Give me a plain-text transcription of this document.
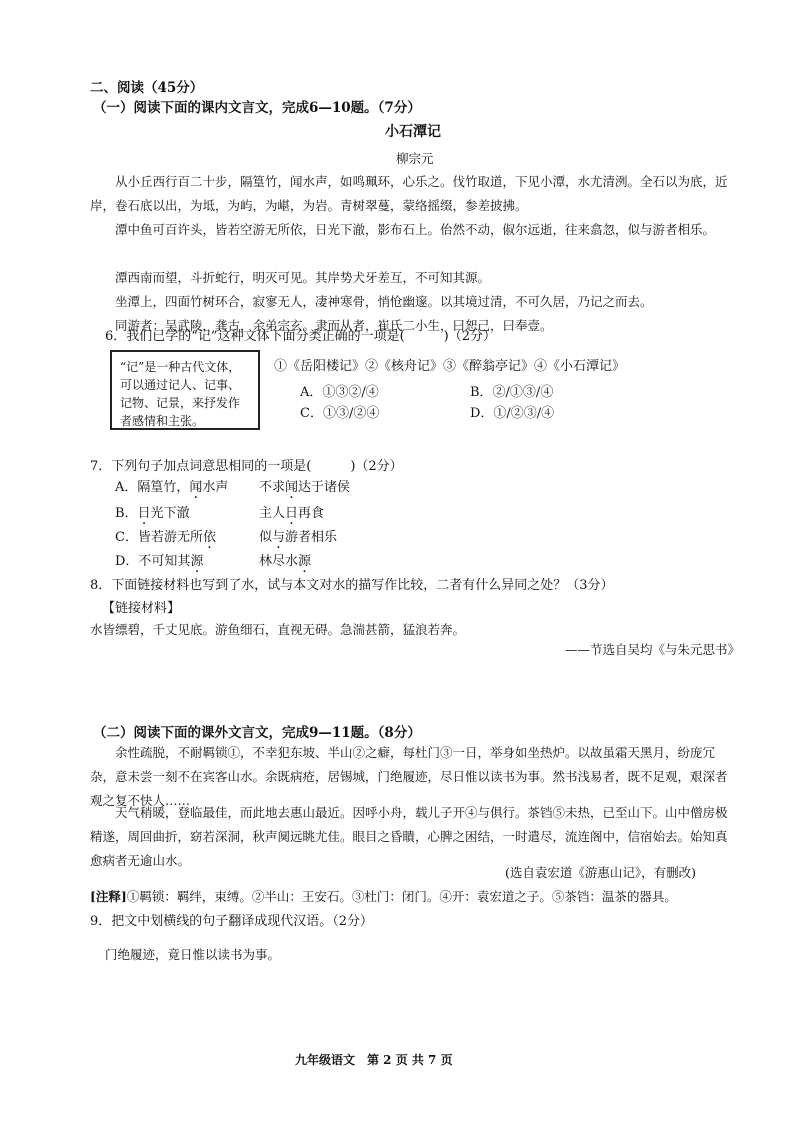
二、阅读（45分）
（一）阅读下面的课内文言文，完成6—10题。（7分）
小石潭记
柳宗元
从小丘西行百二十步，隔篁竹，闻水声，如鸣珮环，心乐之。伐竹取道，下见小潭，水尤清洌。全石以为底，近岸，卷石底以出，为坻，为屿，为嵁，为岩。青树翠蔓，蒙络摇缀，参差披拂。
潭中鱼可百许头，皆若空游无所依，日光下澈，影布石上。佁然不动，俶尔远逝，往来翕忽，似与游者相乐。
潭西南而望，斗折蛇行，明灭可见。其岸势犬牙差互，不可知其源。
坐潭上，四面竹树环合，寂寥无人，凄神寒骨，悄怆幽邃。以其境过清，不可久居，乃记之而去。
同游者：吴武陵，龚古，余弟宗玄。隶而从者，崔氏二小生，曰恕己，曰奉壹。
6．我们已学的“记”这种文体下面分类正确的一项是(　　　)（2分）
“记”是一种古代文体，可以通过记人、记事、记物、记景，来抒发作者感情和主张。
①《岳阳楼记》②《核舟记》③《醉翁亭记》④《小石潭记》
A．①③②/④	B．②/①③/④
C．①③/②④	D．①/②③/④
7．下列句子加点词意思相同的一项是(　　　)（2分）
A．隔篁竹，闻水声 不求闻达于诸侯
B．日光下澈	主人日再食
C．皆若游无所依	似与游者相乐
D．不可知其源	林尽水源
8．下面链接材料也写到了水，试与本文对水的描写作比较，二者有什么异同之处？（3分）
【链接材料】
水皆缥碧，千丈见底。游鱼细石，直视无碍。急湍甚箭，猛浪若奔。
——节选自吴均《与朱元思书》
（二）阅读下面的课外文言文，完成9—11题。（8分）
余性疏脱，不耐羁锁①，不幸犯东坡、半山②之癖，每杜门③一日，举身如坐热炉。以故虽霜天黑月，纷庞冗杂，意未尝一刻不在宾客山水。余既病疮，居锡城，门绝履迹，尽日惟以读书为事。然书浅易者，既不足观，艰深者观之复不快人……
天气稍暖，登临最佳，而此地去惠山最近。因呼小舟，载儿子开④与俱行。茶铛⑤未热，已至山下。山中僧房极精遂，周回曲折，窈若深洞，秋声阒远眺尤佳。眼目之昏瞶，心脾之困结，一时遣尽，流连阁中，信宿始去。始知真愈病者无逾山水。
(选自袁宏道《游惠山记》，有删改)
[注释]①羁锁：羁绊，束缚。②半山：王安石。③杜门：闭门。④开：袁宏道之子。⑤茶铛：温茶的器具。
9．把文中划横线的句子翻译成现代汉语。（2分）
门绝履迹，竟日惟以读书为事。
九年级语文　第 2 页 共 7 页
